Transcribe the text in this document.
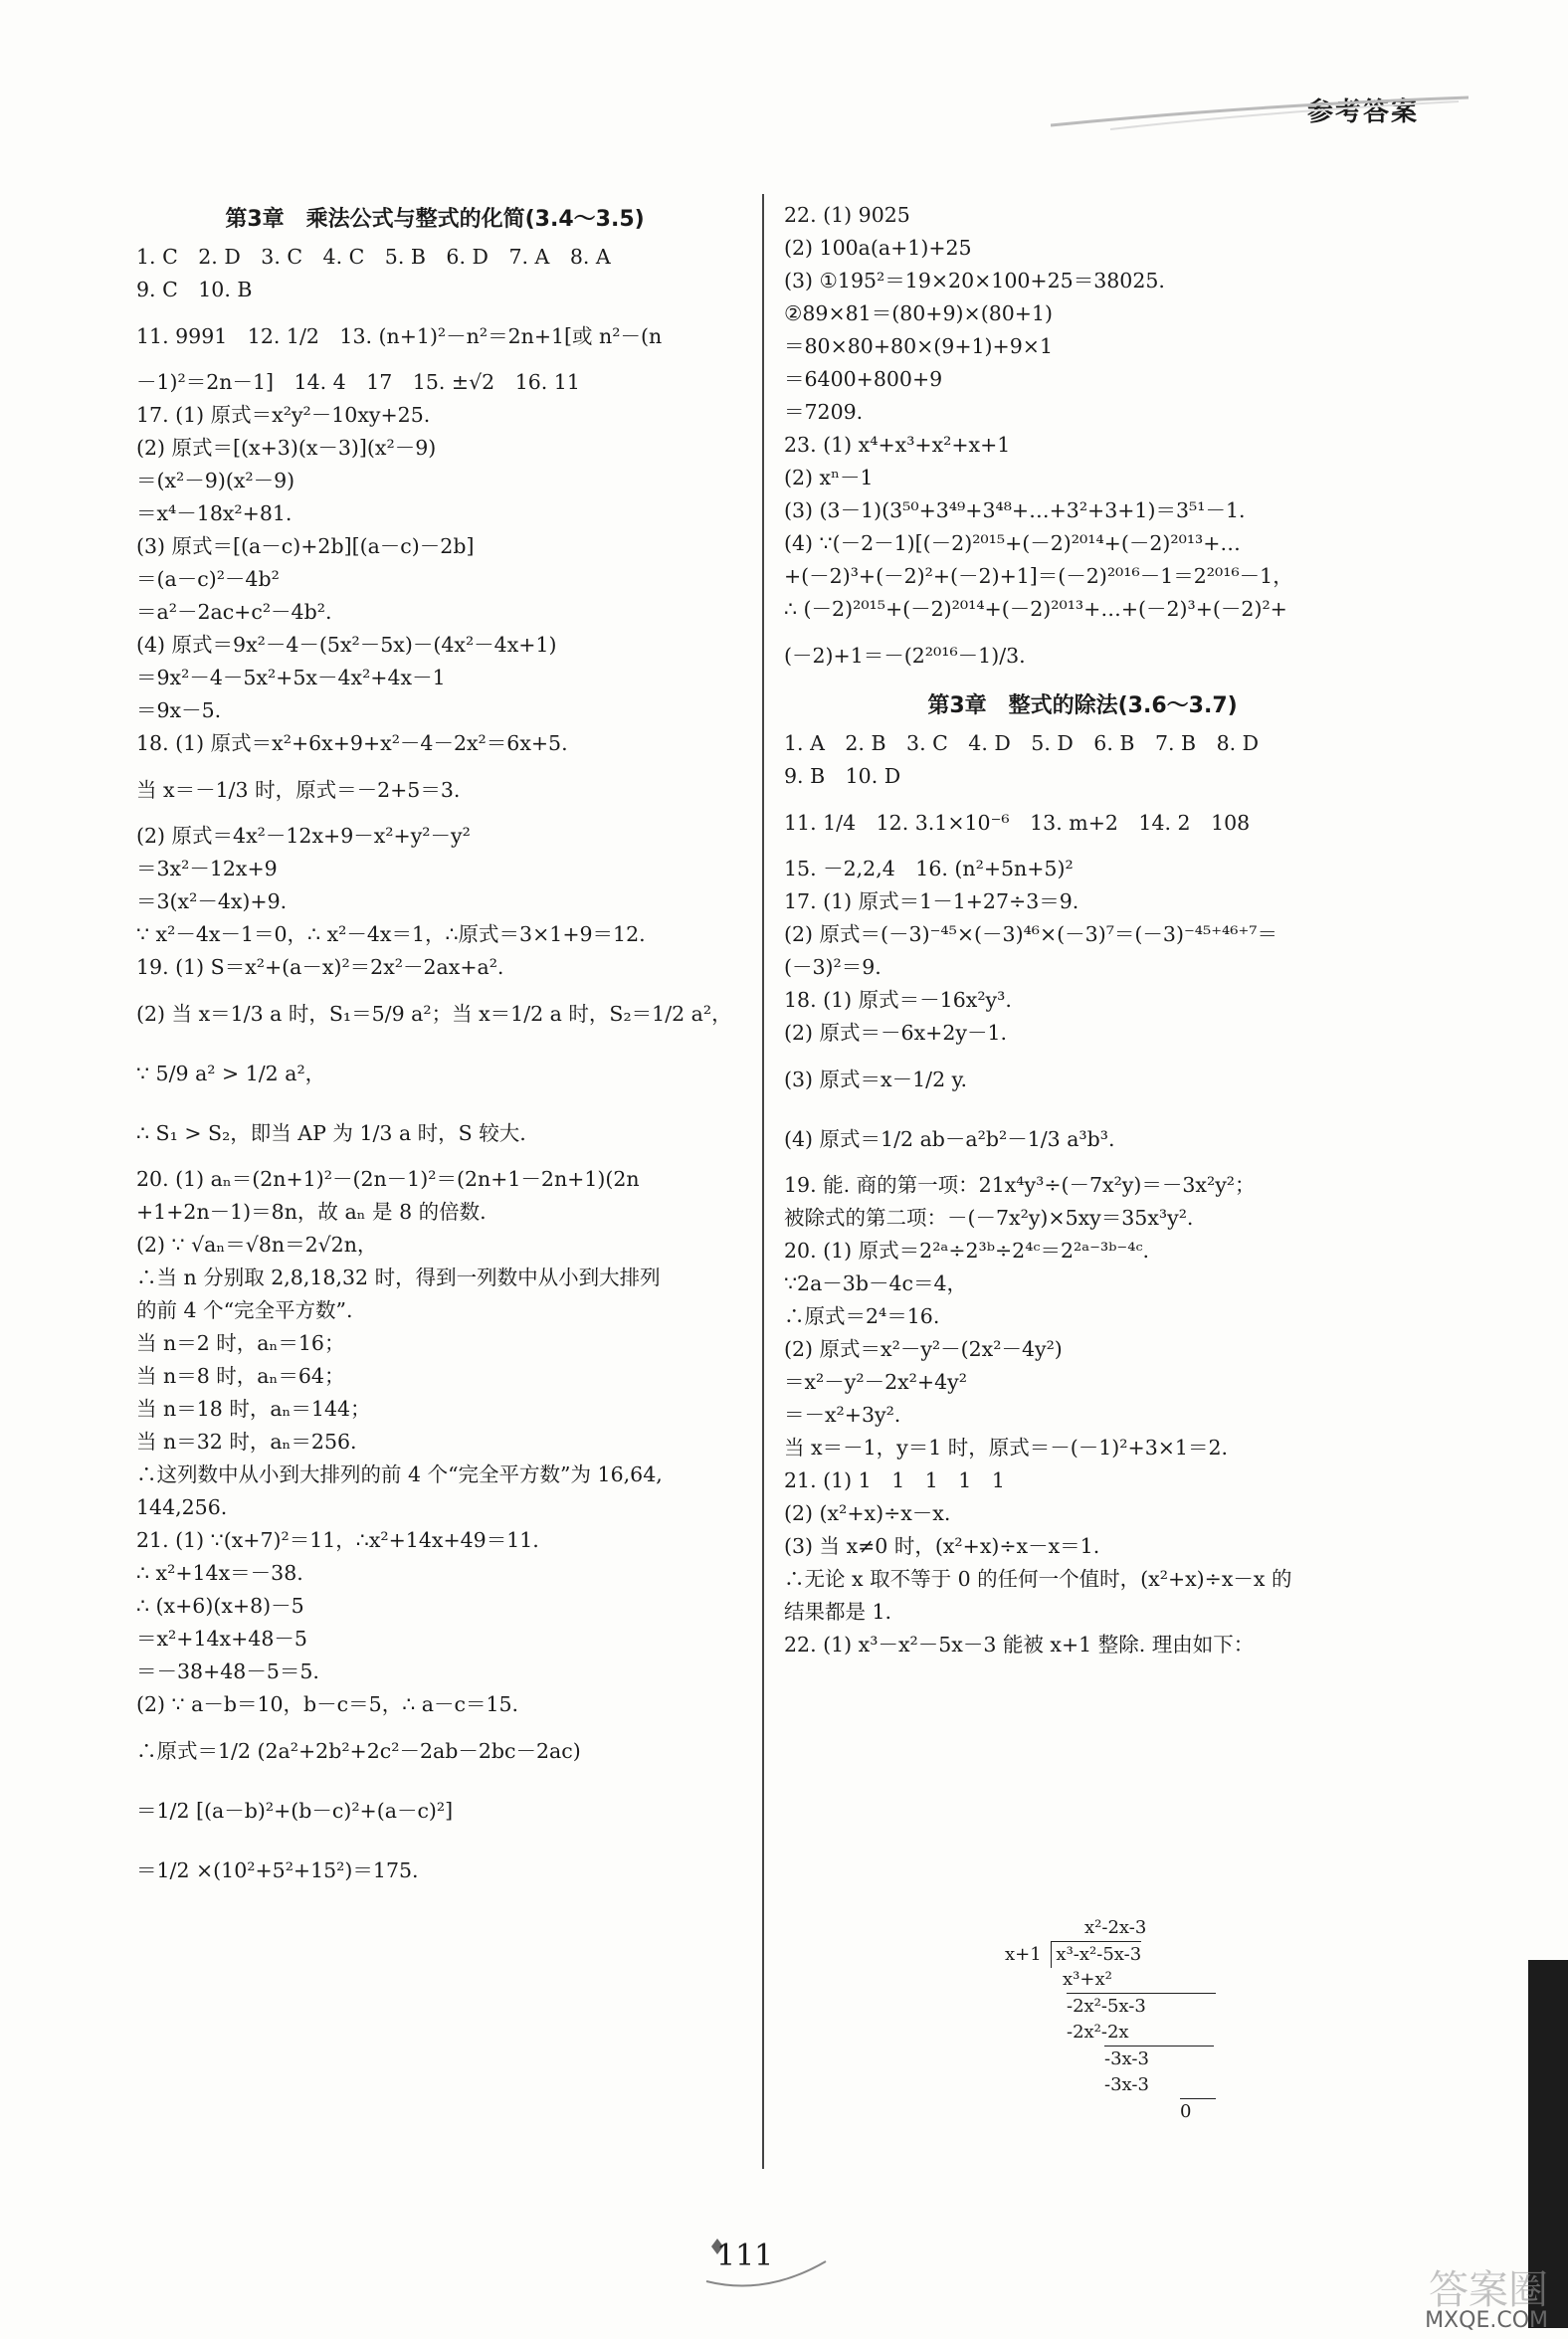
参考答案
第3章　乘法公式与整式的化简(3.4～3.5)
1. C　2. D　3. C　4. C　5. B　6. D　7. A　8. A
9. C　10. B
11. 9991　12. 1/2　13. (n+1)²－n²＝2n+1[或 n²－(n
－1)²＝2n－1]　14. 4　17　15. ±√2　16. 11
17. (1) 原式＝x²y²－10xy+25.
(2) 原式＝[(x+3)(x－3)](x²－9)
＝(x²－9)(x²－9)
＝x⁴－18x²+81.
(3) 原式＝[(a－c)+2b][(a－c)－2b]
＝(a－c)²－4b²
＝a²－2ac+c²－4b².
(4) 原式＝9x²－4－(5x²－5x)－(4x²－4x+1)
＝9x²－4－5x²+5x－4x²+4x－1
＝9x－5.
18. (1) 原式＝x²+6x+9+x²－4－2x²＝6x+5.
当 x＝－1/3 时，原式＝－2+5＝3.
(2) 原式＝4x²－12x+9－x²+y²－y²
＝3x²－12x+9
＝3(x²－4x)+9.
∵ x²－4x－1＝0，∴ x²－4x＝1，∴原式＝3×1+9＝12.
19. (1) S＝x²+(a－x)²＝2x²－2ax+a².
(2) 当 x＝1/3 a 时，S₁＝5/9 a²；当 x＝1/2 a 时，S₂＝1/2 a²，
∵ 5/9 a² > 1/2 a²，
∴ S₁ > S₂，即当 AP 为 1/3 a 时，S 较大.
20. (1) aₙ＝(2n+1)²－(2n－1)²＝(2n+1－2n+1)(2n
+1+2n－1)＝8n，故 aₙ 是 8 的倍数.
(2) ∵ √aₙ＝√8n＝2√2n，
∴当 n 分别取 2,8,18,32 时，得到一列数中从小到大排列
的前 4 个“完全平方数”.
当 n＝2 时，aₙ＝16；
当 n＝8 时，aₙ＝64；
当 n＝18 时，aₙ＝144；
当 n＝32 时，aₙ＝256.
∴这列数中从小到大排列的前 4 个“完全平方数”为 16,64,
144,256.
21. (1) ∵(x+7)²＝11，∴x²+14x+49＝11.
∴ x²+14x＝－38.
∴ (x+6)(x+8)－5
＝x²+14x+48－5
＝－38+48－5＝5.
(2) ∵ a－b＝10，b－c＝5，∴ a－c＝15.
∴原式＝1/2 (2a²+2b²+2c²－2ab－2bc－2ac)
＝1/2 [(a－b)²+(b－c)²+(a－c)²]
＝1/2 ×(10²+5²+15²)＝175.
22. (1) 9025
(2) 100a(a+1)+25
(3) ①195²＝19×20×100+25＝38025.
②89×81＝(80+9)×(80+1)
＝80×80+80×(9+1)+9×1
＝6400+800+9
＝7209.
23. (1) x⁴+x³+x²+x+1
(2) xⁿ－1
(3) (3－1)(3⁵⁰+3⁴⁹+3⁴⁸+…+3²+3+1)＝3⁵¹－1.
(4) ∵(－2－1)[(－2)²⁰¹⁵+(－2)²⁰¹⁴+(－2)²⁰¹³+…
+(－2)³+(－2)²+(－2)+1]＝(－2)²⁰¹⁶－1＝2²⁰¹⁶－1，
∴ (－2)²⁰¹⁵+(－2)²⁰¹⁴+(－2)²⁰¹³+…+(－2)³+(－2)²+
(－2)+1＝－(2²⁰¹⁶－1)/3.
第3章　整式的除法(3.6～3.7)
1. A　2. B　3. C　4. D　5. D　6. B　7. B　8. D
9. B　10. D
11. 1/4　12. 3.1×10⁻⁶　13. m+2　14. 2　108
15. －2,2,4　16. (n²+5n+5)²
17. (1) 原式＝1－1+27÷3＝9.
(2) 原式＝(－3)⁻⁴⁵×(－3)⁴⁶×(－3)⁷＝(－3)⁻⁴⁵⁺⁴⁶⁺⁷＝
(－3)²＝9.
18. (1) 原式＝－16x²y³.
(2) 原式＝－6x+2y－1.
(3) 原式＝x－1/2 y.
(4) 原式＝1/2 ab－a²b²－1/3 a³b³.
19. 能. 商的第一项：21x⁴y³÷(－7x²y)＝－3x²y²；
被除式的第二项：－(－7x²y)×5xy＝35x³y².
20. (1) 原式＝2²ᵃ÷2³ᵇ÷2⁴ᶜ＝2²ᵃ⁻³ᵇ⁻⁴ᶜ.
∵2a－3b－4c＝4，
∴原式＝2⁴＝16.
(2) 原式＝x²－y²－(2x²－4y²)
＝x²－y²－2x²+4y²
＝－x²+3y².
当 x＝－1，y＝1 时，原式＝－(－1)²+3×1＝2.
21. (1) 1　1　1　1　1
(2) (x²+x)÷x－x.
(3) 当 x≠0 时，(x²+x)÷x－x＝1.
∴无论 x 取不等于 0 的任何一个值时，(x²+x)÷x－x 的
结果都是 1.
22. (1) x³－x²－5x－3 能被 x+1 整除. 理由如下：
x²-2x-3
x+1 x³-x²-5x-3
x³+x²
-2x²-5x-3
-2x²-2x
-3x-3
-3x-3
0
111
答案圈
MXQE.COM
